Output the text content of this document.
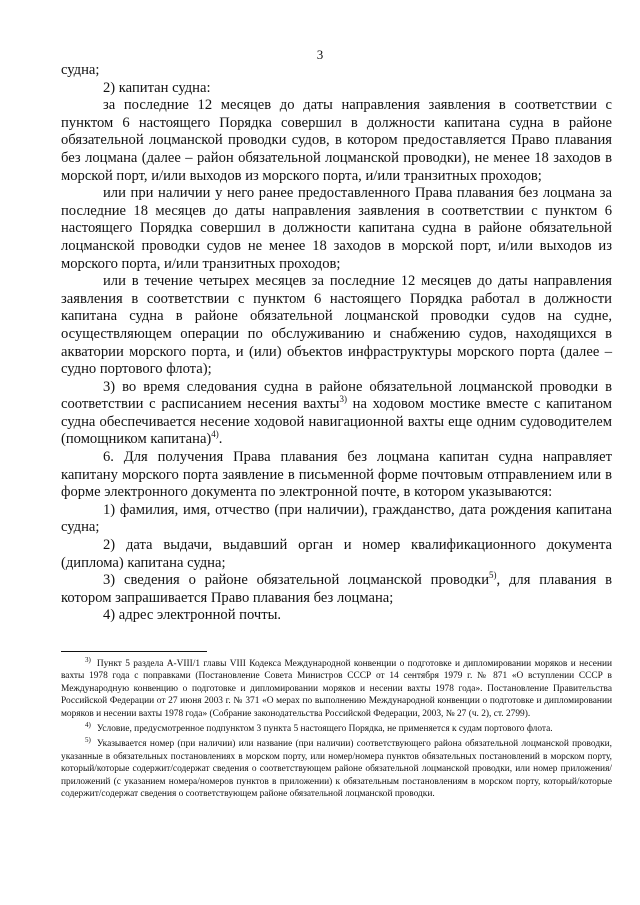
3

судна;

2) капитан судна:

за последние 12 месяцев до даты направления заявления в соответствии с пунктом 6 настоящего Порядка совершил в должности капитана судна в районе обязательной лоцманской проводки судов, в котором предоставляется Право плавания без лоцмана (далее – район обязательной лоцманской проводки), не менее 18 заходов в морской порт, и/или выходов из морского порта, и/или транзитных проходов;

или при наличии у него ранее предоставленного Права плавания без лоцмана за последние 18 месяцев до даты направления заявления в соответствии с пунктом 6 настоящего Порядка совершил в должности капитана судна в районе обязательной лоцманской проводки судов не менее 18 заходов в морской порт, и/или выходов из морского порта, и/или транзитных проходов;

или в течение четырех месяцев за последние 12 месяцев до даты направления заявления в соответствии с пунктом 6 настоящего Порядка работал в должности капитана судна в районе обязательной лоцманской проводки судов на судне, осуществляющем операции по обслуживанию и снабжению судов, находящихся в акватории морского порта, и (или) объектов инфраструктуры морского порта (далее – судно портового флота);

3) во время следования судна в районе обязательной лоцманской проводки в соответствии с расписанием несения вахты$^{3)}$ на ходовом мостике вместе с капитаном судна обеспечивается несение ходовой навигационной вахты еще одним судоводителем (помощником капитана)$^{4)}$.

6. Для получения Права плавания без лоцмана капитан судна направляет капитану морского порта заявление в письменной форме почтовым отправлением или в форме электронного документа по электронной почте, в котором указываются:

1) фамилия, имя, отчество (при наличии), гражданство, дата рождения капитана судна;

2) дата выдачи, выдавший орган и номер квалификационного документа (диплома) капитана судна;

3) сведения о районе обязательной лоцманской проводки$^{5)}$, для плавания в котором запрашивается Право плавания без лоцмана;

4) адрес электронной почты.

$^{3)}$ Пункт 5 раздела A-VIII/1 главы VIII Кодекса Международной конвенции о подготовке и дипломировании моряков и несении вахты 1978 года с поправками (Постановление Совета Министров СССР от 14 сентября 1979 г. № 871 «О вступлении СССР в Международную конвенцию о подготовке и дипломировании моряков и несении вахты 1978 года». Постановление Правительства Российской Федерации от 27 июня 2003 г. № 371 «О мерах по выполнению Международной конвенции о подготовке и дипломировании моряков и несении вахты 1978 года» (Собрание законодательства Российской Федерации, 2003, № 27 (ч. 2), ст. 2799).

$^{4)}$ Условие, предусмотренное подпунктом 3 пункта 5 настоящего Порядка, не применяется к судам портового флота.

$^{5)}$ Указывается номер (при наличии) или название (при наличии) соответствующего района обязательной лоцманской проводки, указанные в обязательных постановлениях в морском порту, или номер/номера пунктов обязательных постановлений в морском порту, который/которые содержит/содержат сведения о соответствующем районе обязательной лоцманской проводки, или номер приложения/приложений (с указанием номера/номеров пунктов в приложении) к обязательным постановлениям в морском порту, который/которые содержит/содержат сведения о соответствующем районе обязательной лоцманской проводки.
